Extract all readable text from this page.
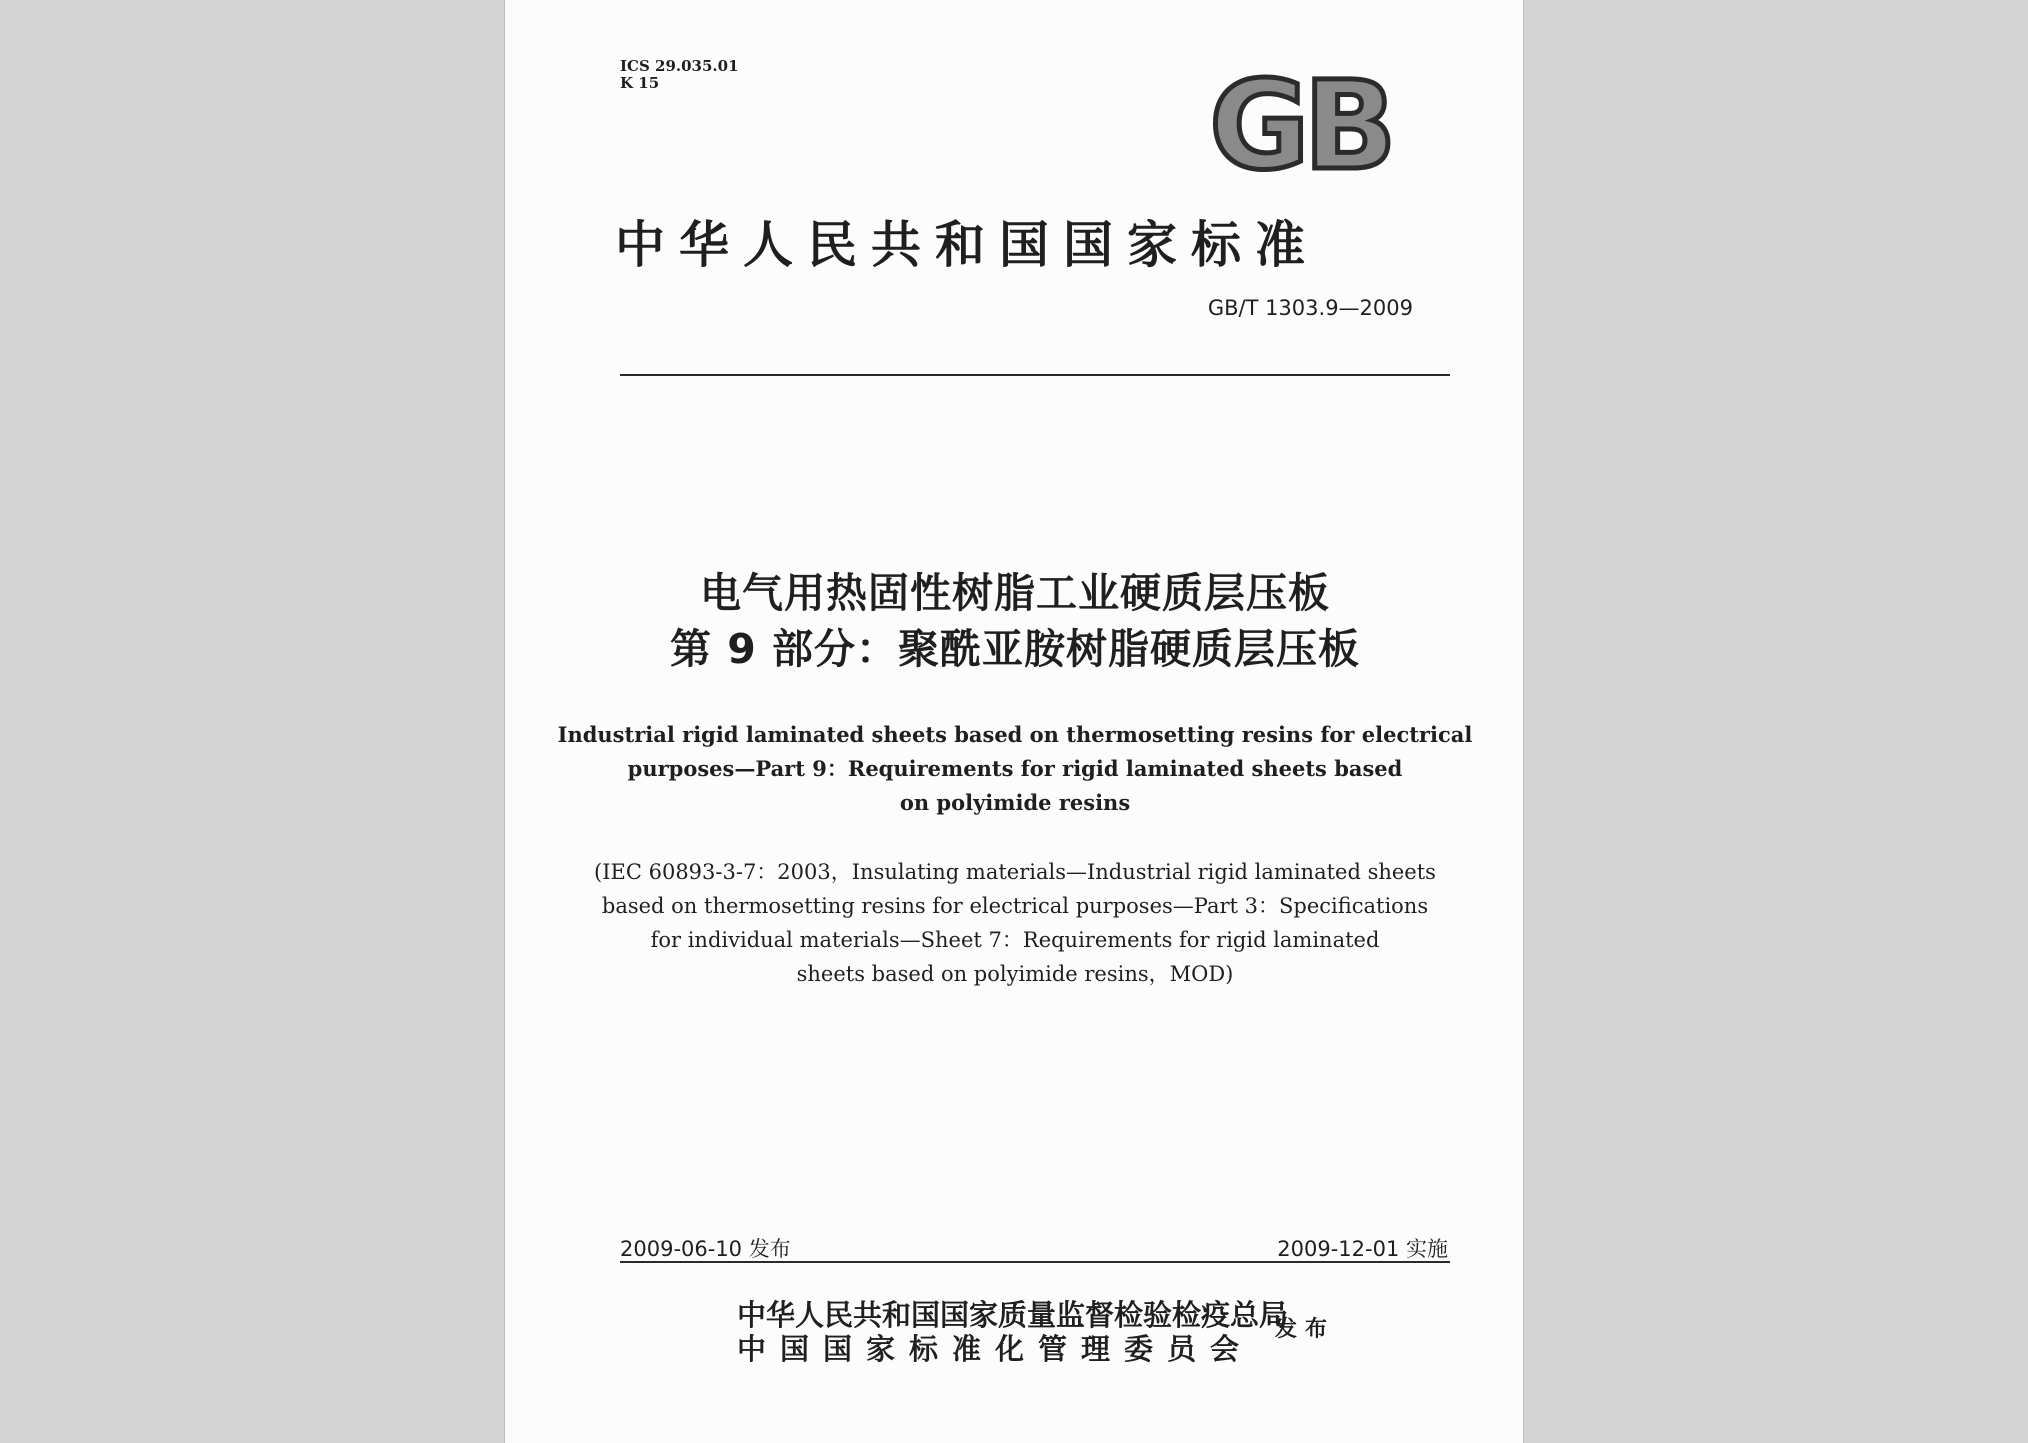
ICS 29.035.01
K 15	GB
中华人民共和国国家标准
GB/T 1303.9—2009
电气用热固性树脂工业硬质层压板
第 9 部分：聚酰亚胺树脂硬质层压板
Industrial rigid laminated sheets based on thermosetting resins for electrical
purposes—Part 9：Requirements for rigid laminated sheets based
on polyimide resins
(IEC 60893-3-7：2003，Insulating materials—Industrial rigid laminated sheets
based on thermosetting resins for electrical purposes—Part 3：Specifications
for individual materials—Sheet 7：Requirements for rigid laminated
sheets based on polyimide resins，MOD)
2009-06-10 发布	2009-12-01 实施
中华人民共和国国家质量监督检验检疫总局
中国国家标准化管理委员会
发布
